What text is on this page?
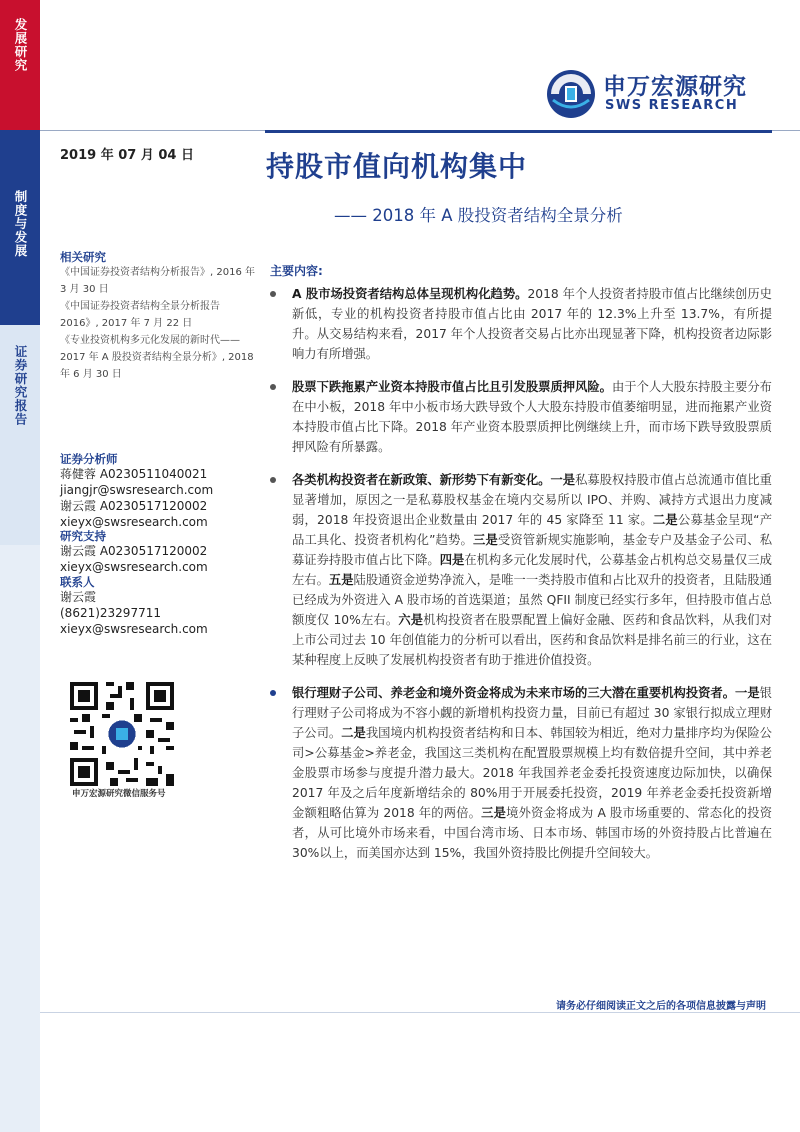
发展研究
制度与发展
证券研究报告
申万宏源研究
SWS RESEARCH
2019 年 07 月 04 日	持股市值向机构集中
—— 2018 年 A 股投资者结构全景分析
相关研究
《中国证券投资者结构分析报告》, 2016 年 3 月 30 日
《中国证券投资者结构全景分析报告 2016》, 2017 年 7 月 22 日
《专业投资机构多元化发展的新时代——2017 年 A 股投资者结构全景分析》, 2018 年 6 月 30 日
证券分析师
蒋健蓉 A0230511040021
jiangjr@swsresearch.com
谢云霞 A0230517120002
xieyx@swsresearch.com
研究支持
谢云霞 A0230517120002
xieyx@swsresearch.com
联系人
谢云霞
(8621)23297711
xieyx@swsresearch.com
申万宏源研究微信服务号
主要内容:
A 股市场投资者结构总体呈现机构化趋势。2018 年个人投资者持股市值占比继续创历史新低，专业的机构投资者持股市值占比由 2017 年的 12.3%上升至 13.7%，有所提升。从交易结构来看，2017 年个人投资者交易占比亦出现显著下降，机构投资者边际影响力有所增强。
股票下跌拖累产业资本持股市值占比且引发股票质押风险。由于个人大股东持股主要分布在中小板，2018 年中小板市场大跌导致个人大股东持股市值萎缩明显，进而拖累产业资本持股市值占比下降。2018 年产业资本股票质押比例继续上升，而市场下跌导致股票质押风险有所暴露。
各类机构投资者在新政策、新形势下有新变化。一是私募股权持股市值占总流通市值比重显著增加，原因之一是私募股权基金在境内交易所以 IPO、并购、减持方式退出力度减弱，2018 年投资退出企业数量由 2017 年的 45 家降至 11 家。二是公募基金呈现“产品工具化、投资者机构化”趋势。三是受资管新规实施影响，基金专户及基金子公司、私募证券持股市值占比下降。四是在机构多元化发展时代，公募基金占机构总交易量仅三成左右。五是陆股通资金逆势净流入，是唯一一类持股市值和占比双升的投资者，且陆股通已经成为外资进入 A 股市场的首选渠道；虽然 QFII 制度已经实行多年，但持股市值占总额度仅 10%左右。六是机构投资者在股票配置上偏好金融、医药和食品饮料，从我们对上市公司过去 10 年创值能力的分析可以看出，医药和食品饮料是排名前三的行业，这在某种程度上反映了发展机构投资者有助于推进价值投资。
银行理财子公司、养老金和境外资金将成为未来市场的三大潜在重要机构投资者。一是银行理财子公司将成为不容小觑的新增机构投资力量，目前已有超过 30 家银行拟成立理财子公司。二是我国境内机构投资者结构和日本、韩国较为相近，绝对力量排序均为保险公司>公募基金>养老金，我国这三类机构在配置股票规模上均有数倍提升空间，其中养老金股票市场参与度提升潜力最大。2018 年我国养老金委托投资速度边际加快，以确保 2017 年及之后年度新增结余的 80%用于开展委托投资，2019 年养老金委托投资新增金额粗略估算为 2018 年的两倍。三是境外资金将成为 A 股市场重要的、常态化的投资者，从可比境外市场来看，中国台湾市场、日本市场、韩国市场的外资持股占比普遍在 30%以上，而美国亦达到 15%，我国外资持股比例提升空间较大。
请务必仔细阅读正文之后的各项信息披露与声明
